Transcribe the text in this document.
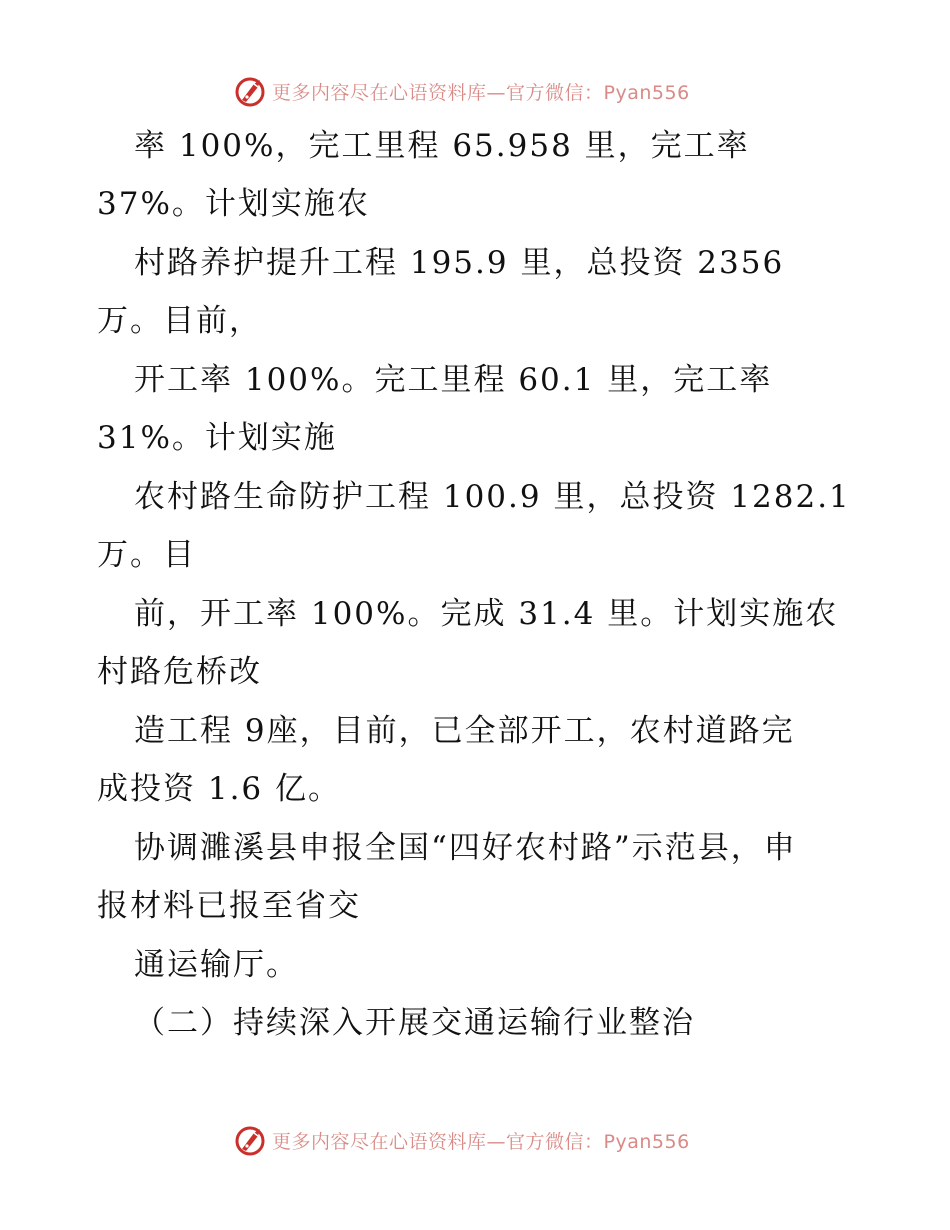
更多内容尽在心语资料库—官方微信：Pyan556
率 100%，完工里程 65.958 里，完工率
37%。计划实施农
村路养护提升工程 195.9 里，总投资 2356
万。目前，
开工率 100%。完工里程 60.1 里，完工率
31%。计划实施
农村路生命防护工程 100.9 里，总投资 1282.1
万。目
前，开工率 100%。完成 31.4 里。计划实施农
村路危桥改
造工程 9座，目前，已全部开工，农村道路完
成投资 1.6 亿。
协调濉溪县申报全国“四好农村路”示范县，申
报材料已报至省交
通运输厅。
（二）持续深入开展交通运输行业整治
更多内容尽在心语资料库—官方微信：Pyan556
